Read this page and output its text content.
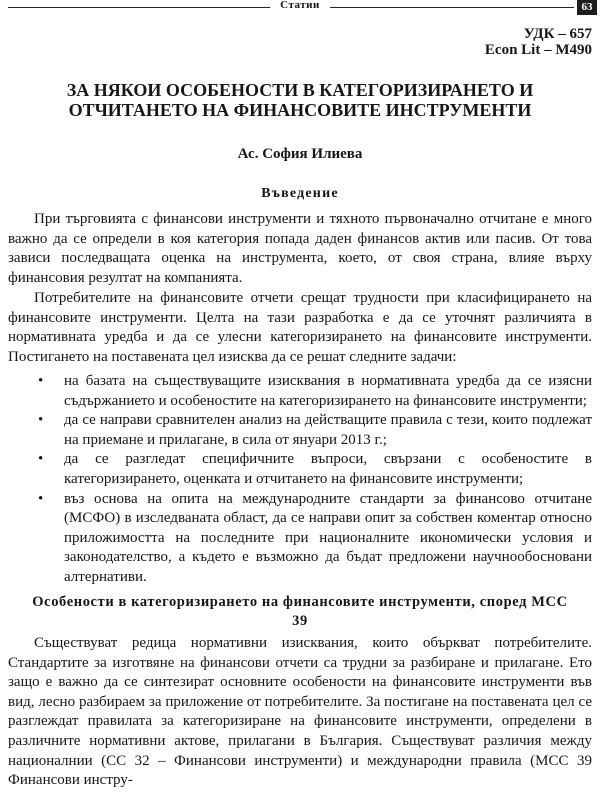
Статии	63
УДК – 657
Econ Lit – M490
ЗА НЯКОИ ОСОБЕНОСТИ В КАТЕГОРИЗИРАНЕТО И ОТЧИТАНЕТО НА ФИНАНСОВИТЕ ИНСТРУМЕНТИ
Ас. София Илиева
Въведение

При търговията с финансови инструменти и тяхното първоначално отчитане е много важно да се определи в коя категория попада даден финансов актив или пасив. От това зависи последващата оценка на инструмента, което, от своя страна, влияе върху финансовия резултат на компанията.

Потребителите на финансовите отчети срещат трудности при класифицирането на финансовите инструменти. Целта на тази разработка е да се уточнят различията в нормативната уредба и да се улесни категоризирането на финансовите инструменти. Постигането на поставената цел изисква да се решат следните задачи:

• на базата на съществуващите изисквания в нормативната уредба да се изясни съдържанието и особеностите на категоризирането на финансовите инструменти;
• да се направи сравнителен анализ на действащите правила с тези, които подлежат на приемане и прилагане, в сила от януари 2013 г.;
• да се разгледат специфичните въпроси, свързани с особеностите в категоризирането, оценката и отчитането на финансовите инструменти;
• въз основа на опита на международните стандарти за финансово отчитане (МСФО) в изследваната област, да се направи опит за собствен коментар относно приложимостта на последните при националните икономически условия и законодателство, а където е възможно да бъдат предложени научнообосновани алтернативи.
Особености в категоризирането на финансовите инструменти, според МСС 39

Съществуват редица нормативни изисквания, които объркват потребителите. Стандартите за изготвяне на финансови отчети са трудни за разбиране и прилагане. Ето защо е важно да се синтезират основните особености на финансовите инструменти във вид, лесно разбираем за приложение от потребителите. За постигане на поставената цел се разглеждат правилата за категоризиране на финансовите инструменти, определени в различните нормативни актове, прилагани в България. Съществуват различия между националнии (СС 32 – Финансови инструменти) и международни правила (МСС 39 Финансови инстру-
